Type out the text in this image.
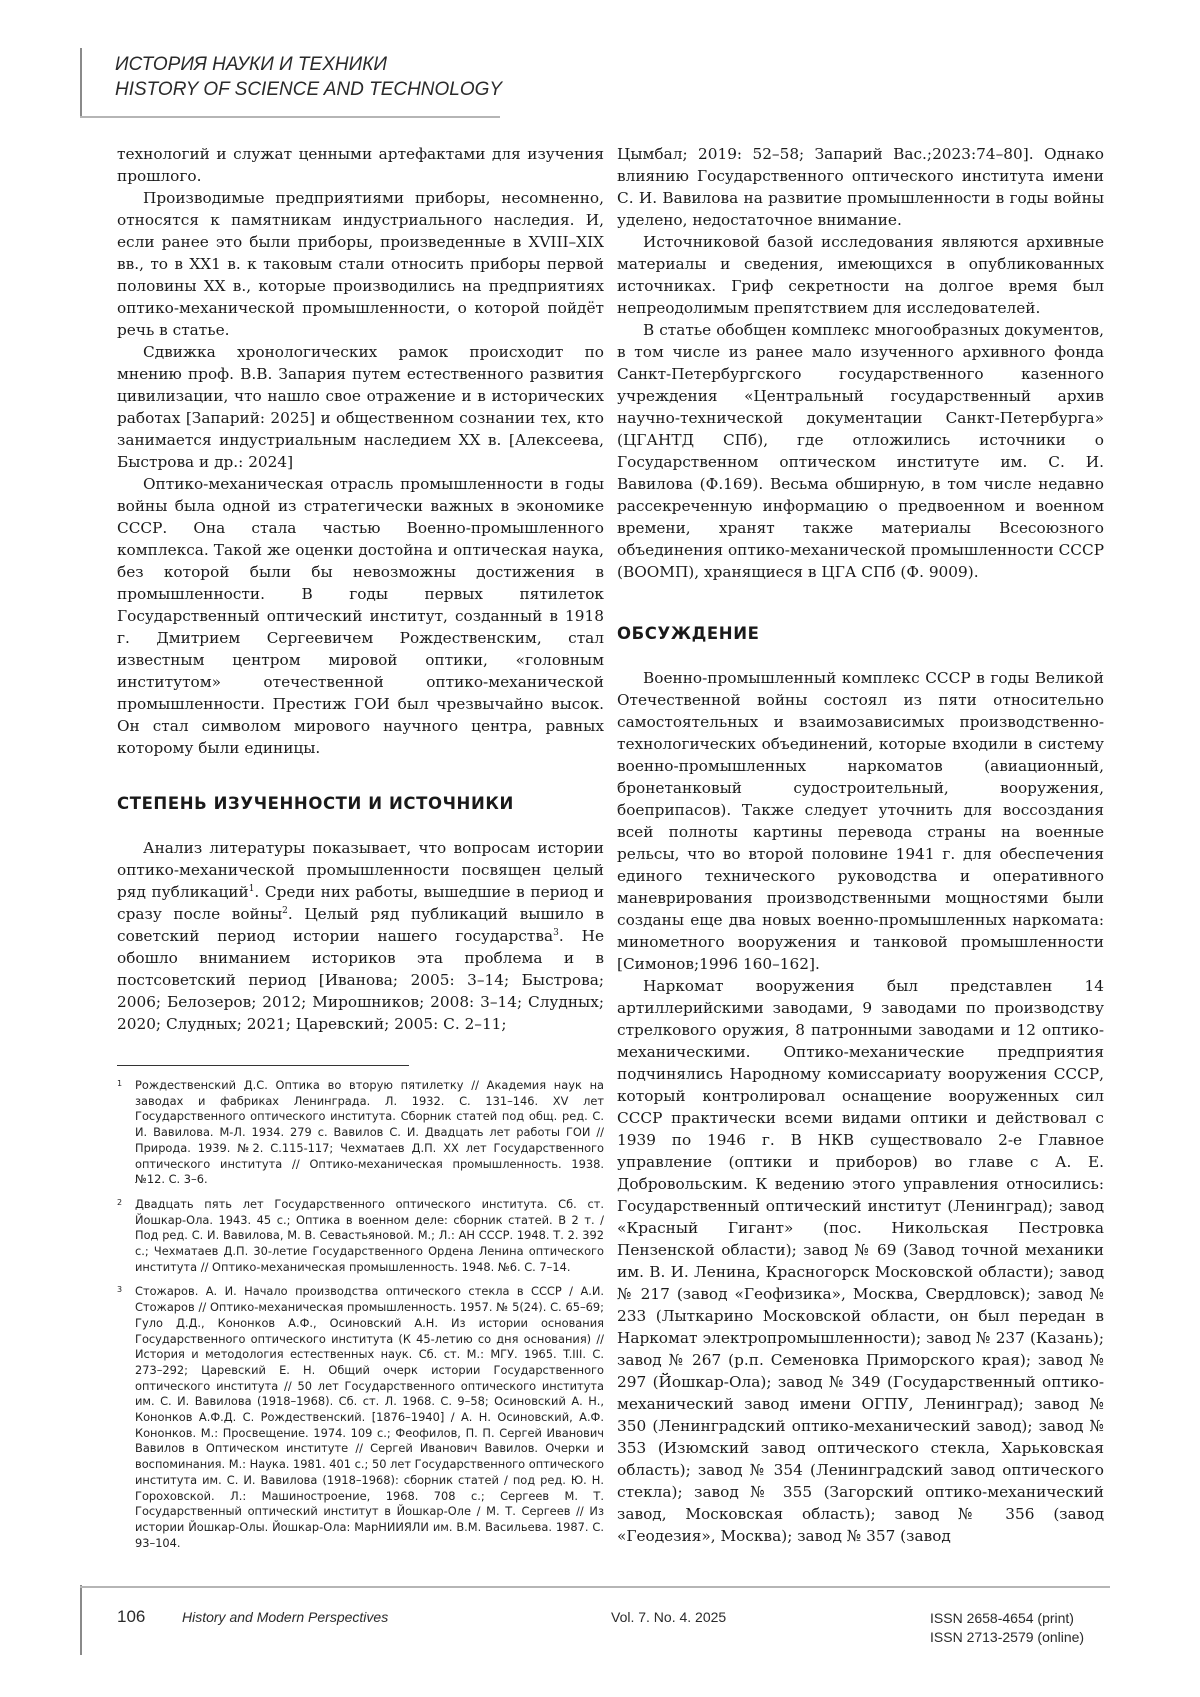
ИСТОРИЯ НАУКИ И ТЕХНИКИ
HISTORY OF SCIENCE AND TECHNOLOGY

технологий и служат ценными артефактами для изучения прошлого.

Производимые предприятиями приборы, несомненно, относятся к памятникам индустриального наследия. И, если ранее это были приборы, произведенные в XVIII–XIX вв., то в XX1 в. к таковым стали относить приборы первой половины XX в., которые производились на предприятиях оптико-механической промышленности, о которой пойдёт речь в статье.

Сдвижка хронологических рамок происходит по мнению проф. В.В. Запария путем естественного развития цивилизации, что нашло свое отражение и в исторических работах [Запарий: 2025] и общественном сознании тех, кто занимается индустриальным наследием XX в. [Алексеева, Быстрова и др.: 2024]

Оптико-механическая отрасль промышленности в годы войны была одной из стратегически важных в экономике СССР. Она стала частью Военно-промышленного комплекса. Такой же оценки достойна и оптическая наука, без которой были бы невозможны достижения в промышленности. В годы первых пятилеток Государственный оптический институт, созданный в 1918 г. Дмитрием Сергеевичем Рождественским, стал известным центром мировой оптики, «головным институтом» отечественной оптико-механической промышленности. Престиж ГОИ был чрезвычайно высок. Он стал символом мирового научного центра, равных которому были единицы.

СТЕПЕНЬ ИЗУЧЕННОСТИ И ИСТОЧНИКИ

Анализ литературы показывает, что вопросам истории оптико-механической промышленности посвящен целый ряд публикаций$^1$. Среди них работы, вышедшие в период и сразу после войны$^2$. Целый ряд публикаций вышило в советский период истории нашего государства$^3$. Не обошло вниманием историков эта проблема и в постсоветский период [Иванова; 2005: 3–14; Быстрова; 2006; Белозеров; 2012; Мирошников; 2008: 3–14; Слудных; 2020; Слудных; 2021; Царевский; 2005: С. 2–11;

1 Рождественский Д.С. Оптика во вторую пятилетку // Академия наук на заводах и фабриках Ленинграда. Л. 1932. С. 131–146. XV лет Государственного оптического института. Сборник статей под общ. ред. С. И. Вавилова. М-Л. 1934. 279 с. Вавилов С. И. Двадцать лет работы ГОИ // Природа. 1939. №2. С.115-117; Чехматаев Д.П. XX лет Государственного оптического института // Оптико-механическая промышленность. 1938. №12. С. 3–6.
2 Двадцать пять лет Государственного оптического института. Сб. ст. Йошкар-Ола. 1943. 45 с.; Оптика в военном деле: сборник статей. В 2 т. / Под ред. С. И. Вавилова, М. В. Севастьяновой. М.; Л.: АН СССР. 1948. Т. 2. 392 с.; Чехматаев Д.П. 30-летие Государственного Ордена Ленина оптического института // Оптико-механическая промышленность. 1948. №6. С. 7–14.
3 Стожаров. А. И. Начало производства оптического стекла в СССР / А.И. Стожаров // Оптико-механическая промышленность. 1957. № 5(24). С. 65–69; Гуло Д.Д., Кононков А.Ф., Осиновский А.Н. Из истории основания Государственного оптического института (К 45-летию со дня основания) // История и методология естественных наук. Сб. ст. М.: МГУ. 1965. T.III. С. 273–292; Царевский Е. Н. Общий очерк истории Государственного оптического института // 50 лет Государственного оптического института им. С. И. Вавилова (1918–1968). Сб. ст. Л. 1968. С. 9–58; Осиновский А. Н., Кононков А.Ф.Д. С. Рождественский. [1876–1940] / А. Н. Осиновский, А.Ф. Кононков. М.: Просвещение. 1974. 109 с.; Феофилов, П. П. Сергей Иванович Вавилов в Оптическом институте // Сергей Иванович Вавилов. Очерки и воспоминания. М.: Наука. 1981. 401 с.; 50 лет Государственного оптического института им. С. И. Вавилова (1918–1968): сборник статей / под ред. Ю. Н. Гороховской. Л.: Машиностроение, 1968. 708 с.; Сергеев М. Т. Государственный оптический институт в Йошкар-Оле / М. Т. Сергеев // Из истории Йошкар-Олы. Йошкар-Ола: МарНИИЯЛИ им. В.М. Васильева. 1987. С. 93–104.

Цымбал; 2019: 52–58; Запарий Вас.;2023:74–80]. Однако влиянию Государственного оптического института имени С. И. Вавилова на развитие промышленности в годы войны уделено, недостаточное внимание.

Источниковой базой исследования являются архивные материалы и сведения, имеющихся в опубликованных источниках. Гриф секретности на долгое время был непреодолимым препятствием для исследователей.

В статье обобщен комплекс многообразных документов, в том числе из ранее мало изученного архивного фонда Санкт-Петербургского государственного казенного учреждения «Центральный государственный архив научно-технической документации Санкт-Петербурга» (ЦГАНТД СПб), где отложились источники о Государственном оптическом институте им. С. И. Вавилова (Ф.169). Весьма обширную, в том числе недавно рассекреченную информацию о предвоенном и военном времени, хранят также материалы Всесоюзного объединения оптико-механической промышленности СССР (ВООМП), хранящиеся в ЦГА СПб (Ф. 9009).

ОБСУЖДЕНИЕ

Военно-промышленный комплекс СССР в годы Великой Отечественной войны состоял из пяти относительно самостоятельных и взаимозависимых производственно-технологических объединений, которые входили в систему военно-промышленных наркоматов (авиационный, бронетанковый судостроительный, вооружения, боеприпасов). Также следует уточнить для воссоздания всей полноты картины перевода страны на военные рельсы, что во второй половине 1941 г. для обеспечения единого технического руководства и оперативного маневрирования производственными мощностями были созданы еще два новых военно-промышленных наркомата: минометного вооружения и танковой промышленности [Симонов;1996 160–162].

Наркомат вооружения был представлен 14 артиллерийскими заводами, 9 заводами по производству стрелкового оружия, 8 патронными заводами и 12 оптико-механическими. Оптико-механические предприятия подчинялись Народному комиссариату вооружения СССР, который контролировал оснащение вооруженных сил СССР практически всеми видами оптики и действовал с 1939 по 1946 г. В НКВ существовало 2-е Главное управление (оптики и приборов) во главе с А. Е. Добровольским. К ведению этого управления относились: Государственный оптический институт (Ленинград); завод «Красный Гигант» (пос. Никольская Пестровка Пензенской области); завод № 69 (Завод точной механики им. В. И. Ленина, Красногорск Московской области); завод № 217 (завод «Геофизика», Москва, Свердловск); завод № 233 (Лыткарино Московской области, он был передан в Наркомат электропромышленности); завод № 237 (Казань); завод № 267 (р.п. Семеновка Приморского края); завод № 297 (Йошкар-Ола); завод № 349 (Государственный оптико-механический завод имени ОГПУ, Ленинград); завод № 350 (Ленинградский оптико-механический завод); завод № 353 (Изюмский завод оптического стекла, Харьковская область); завод № 354 (Ленинградский завод оптического стекла); завод № 355 (Загорский оптико-механический завод, Московская область); завод № 356 (завод «Геодезия», Москва); завод № 357 (завод

106	History and Modern Perspectives	Vol. 7. No. 4. 2025	ISSN 2658-4654 (print)
ISSN 2713-2579 (online)
